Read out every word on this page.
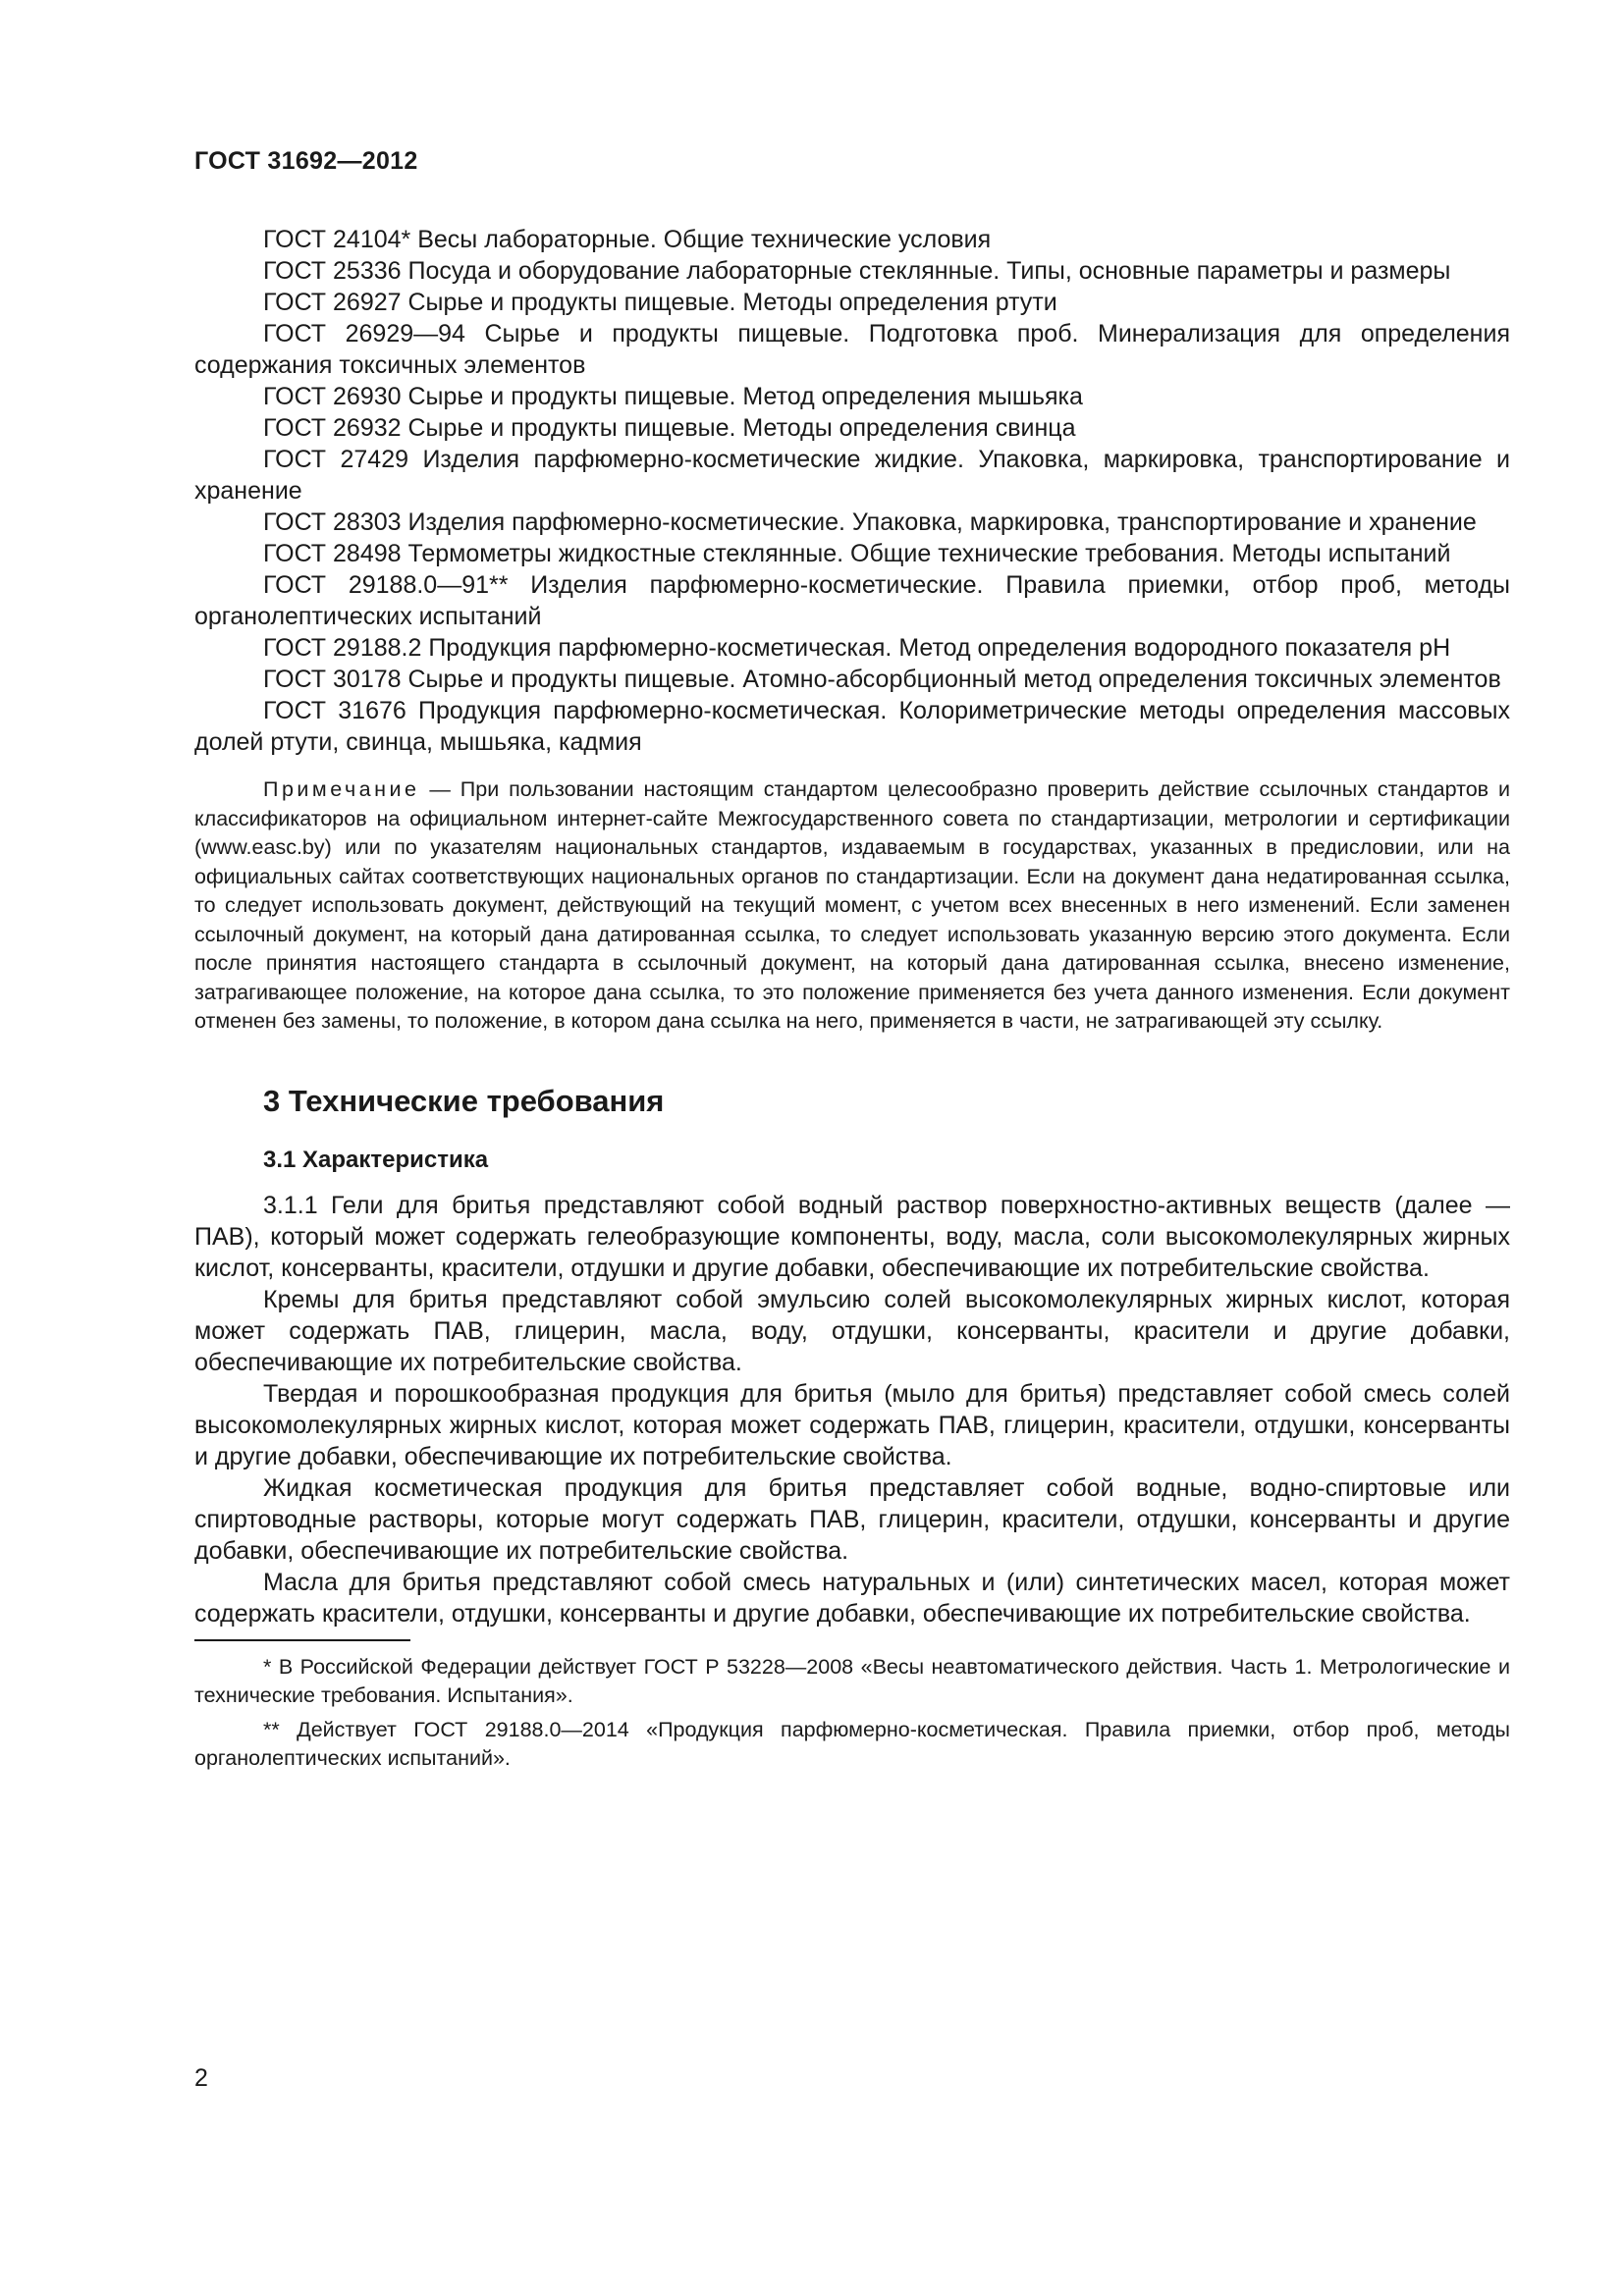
ГОСТ 31692—2012

ГОСТ 24104* Весы лабораторные. Общие технические условия

ГОСТ 25336 Посуда и оборудование лабораторные стеклянные. Типы, основные параметры и размеры

ГОСТ 26927 Сырье и продукты пищевые. Методы определения ртути

ГОСТ 26929—94 Сырье и продукты пищевые. Подготовка проб. Минерализация для определения содержания токсичных элементов

ГОСТ 26930 Сырье и продукты пищевые. Метод определения мышьяка

ГОСТ 26932 Сырье и продукты пищевые. Методы определения свинца

ГОСТ 27429 Изделия парфюмерно-косметические жидкие. Упаковка, маркировка, транспортирование и хранение

ГОСТ 28303 Изделия парфюмерно-косметические. Упаковка, маркировка, транспортирование и хранение

ГОСТ 28498 Термометры жидкостные стеклянные. Общие технические требования. Методы испытаний

ГОСТ 29188.0—91** Изделия парфюмерно-косметические. Правила приемки, отбор проб, методы органолептических испытаний

ГОСТ 29188.2 Продукция парфюмерно-косметическая. Метод определения водородного показателя pH

ГОСТ 30178 Сырье и продукты пищевые. Атомно-абсорбционный метод определения токсичных элементов

ГОСТ 31676 Продукция парфюмерно-косметическая. Колориметрические методы определения массовых долей ртути, свинца, мышьяка, кадмия

Примечание — При пользовании настоящим стандартом целесообразно проверить действие ссылочных стандартов и классификаторов на официальном интернет-сайте Межгосударственного совета по стандартизации, метрологии и сертификации (www.easc.by) или по указателям национальных стандартов, издаваемым в государствах, указанных в предисловии, или на официальных сайтах соответствующих национальных органов по стандартизации. Если на документ дана недатированная ссылка, то следует использовать документ, действующий на текущий момент, с учетом всех внесенных в него изменений. Если заменен ссылочный документ, на который дана датированная ссылка, то следует использовать указанную версию этого документа. Если после принятия настоящего стандарта в ссылочный документ, на который дана датированная ссылка, внесено изменение, затрагивающее положение, на которое дана ссылка, то это положение применяется без учета данного изменения. Если документ отменен без замены, то положение, в котором дана ссылка на него, применяется в части, не затрагивающей эту ссылку.

3 Технические требования
3.1 Характеристика

3.1.1 Гели для бритья представляют собой водный раствор поверхностно-активных веществ (далее — ПАВ), который может содержать гелеобразующие компоненты, воду, масла, соли высокомолекулярных жирных кислот, консерванты, красители, отдушки и другие добавки, обеспечивающие их потребительские свойства.

Кремы для бритья представляют собой эмульсию солей высокомолекулярных жирных кислот, которая может содержать ПАВ, глицерин, масла, воду, отдушки, консерванты, красители и другие добавки, обеспечивающие их потребительские свойства.

Твердая и порошкообразная продукция для бритья (мыло для бритья) представляет собой смесь солей высокомолекулярных жирных кислот, которая может содержать ПАВ, глицерин, красители, отдушки, консерванты и другие добавки, обеспечивающие их потребительские свойства.

Жидкая косметическая продукция для бритья представляет собой водные, водно-спиртовые или спиртоводные растворы, которые могут содержать ПАВ, глицерин, красители, отдушки, консерванты и другие добавки, обеспечивающие их потребительские свойства.

Масла для бритья представляют собой смесь натуральных и (или) синтетических масел, которая может содержать красители, отдушки, консерванты и другие добавки, обеспечивающие их потребительские свойства.

* В Российской Федерации действует ГОСТ Р 53228—2008 «Весы неавтоматического действия. Часть 1. Метрологические и технические требования. Испытания».

** Действует ГОСТ 29188.0—2014 «Продукция парфюмерно-косметическая. Правила приемки, отбор проб, методы органолептических испытаний».

2
